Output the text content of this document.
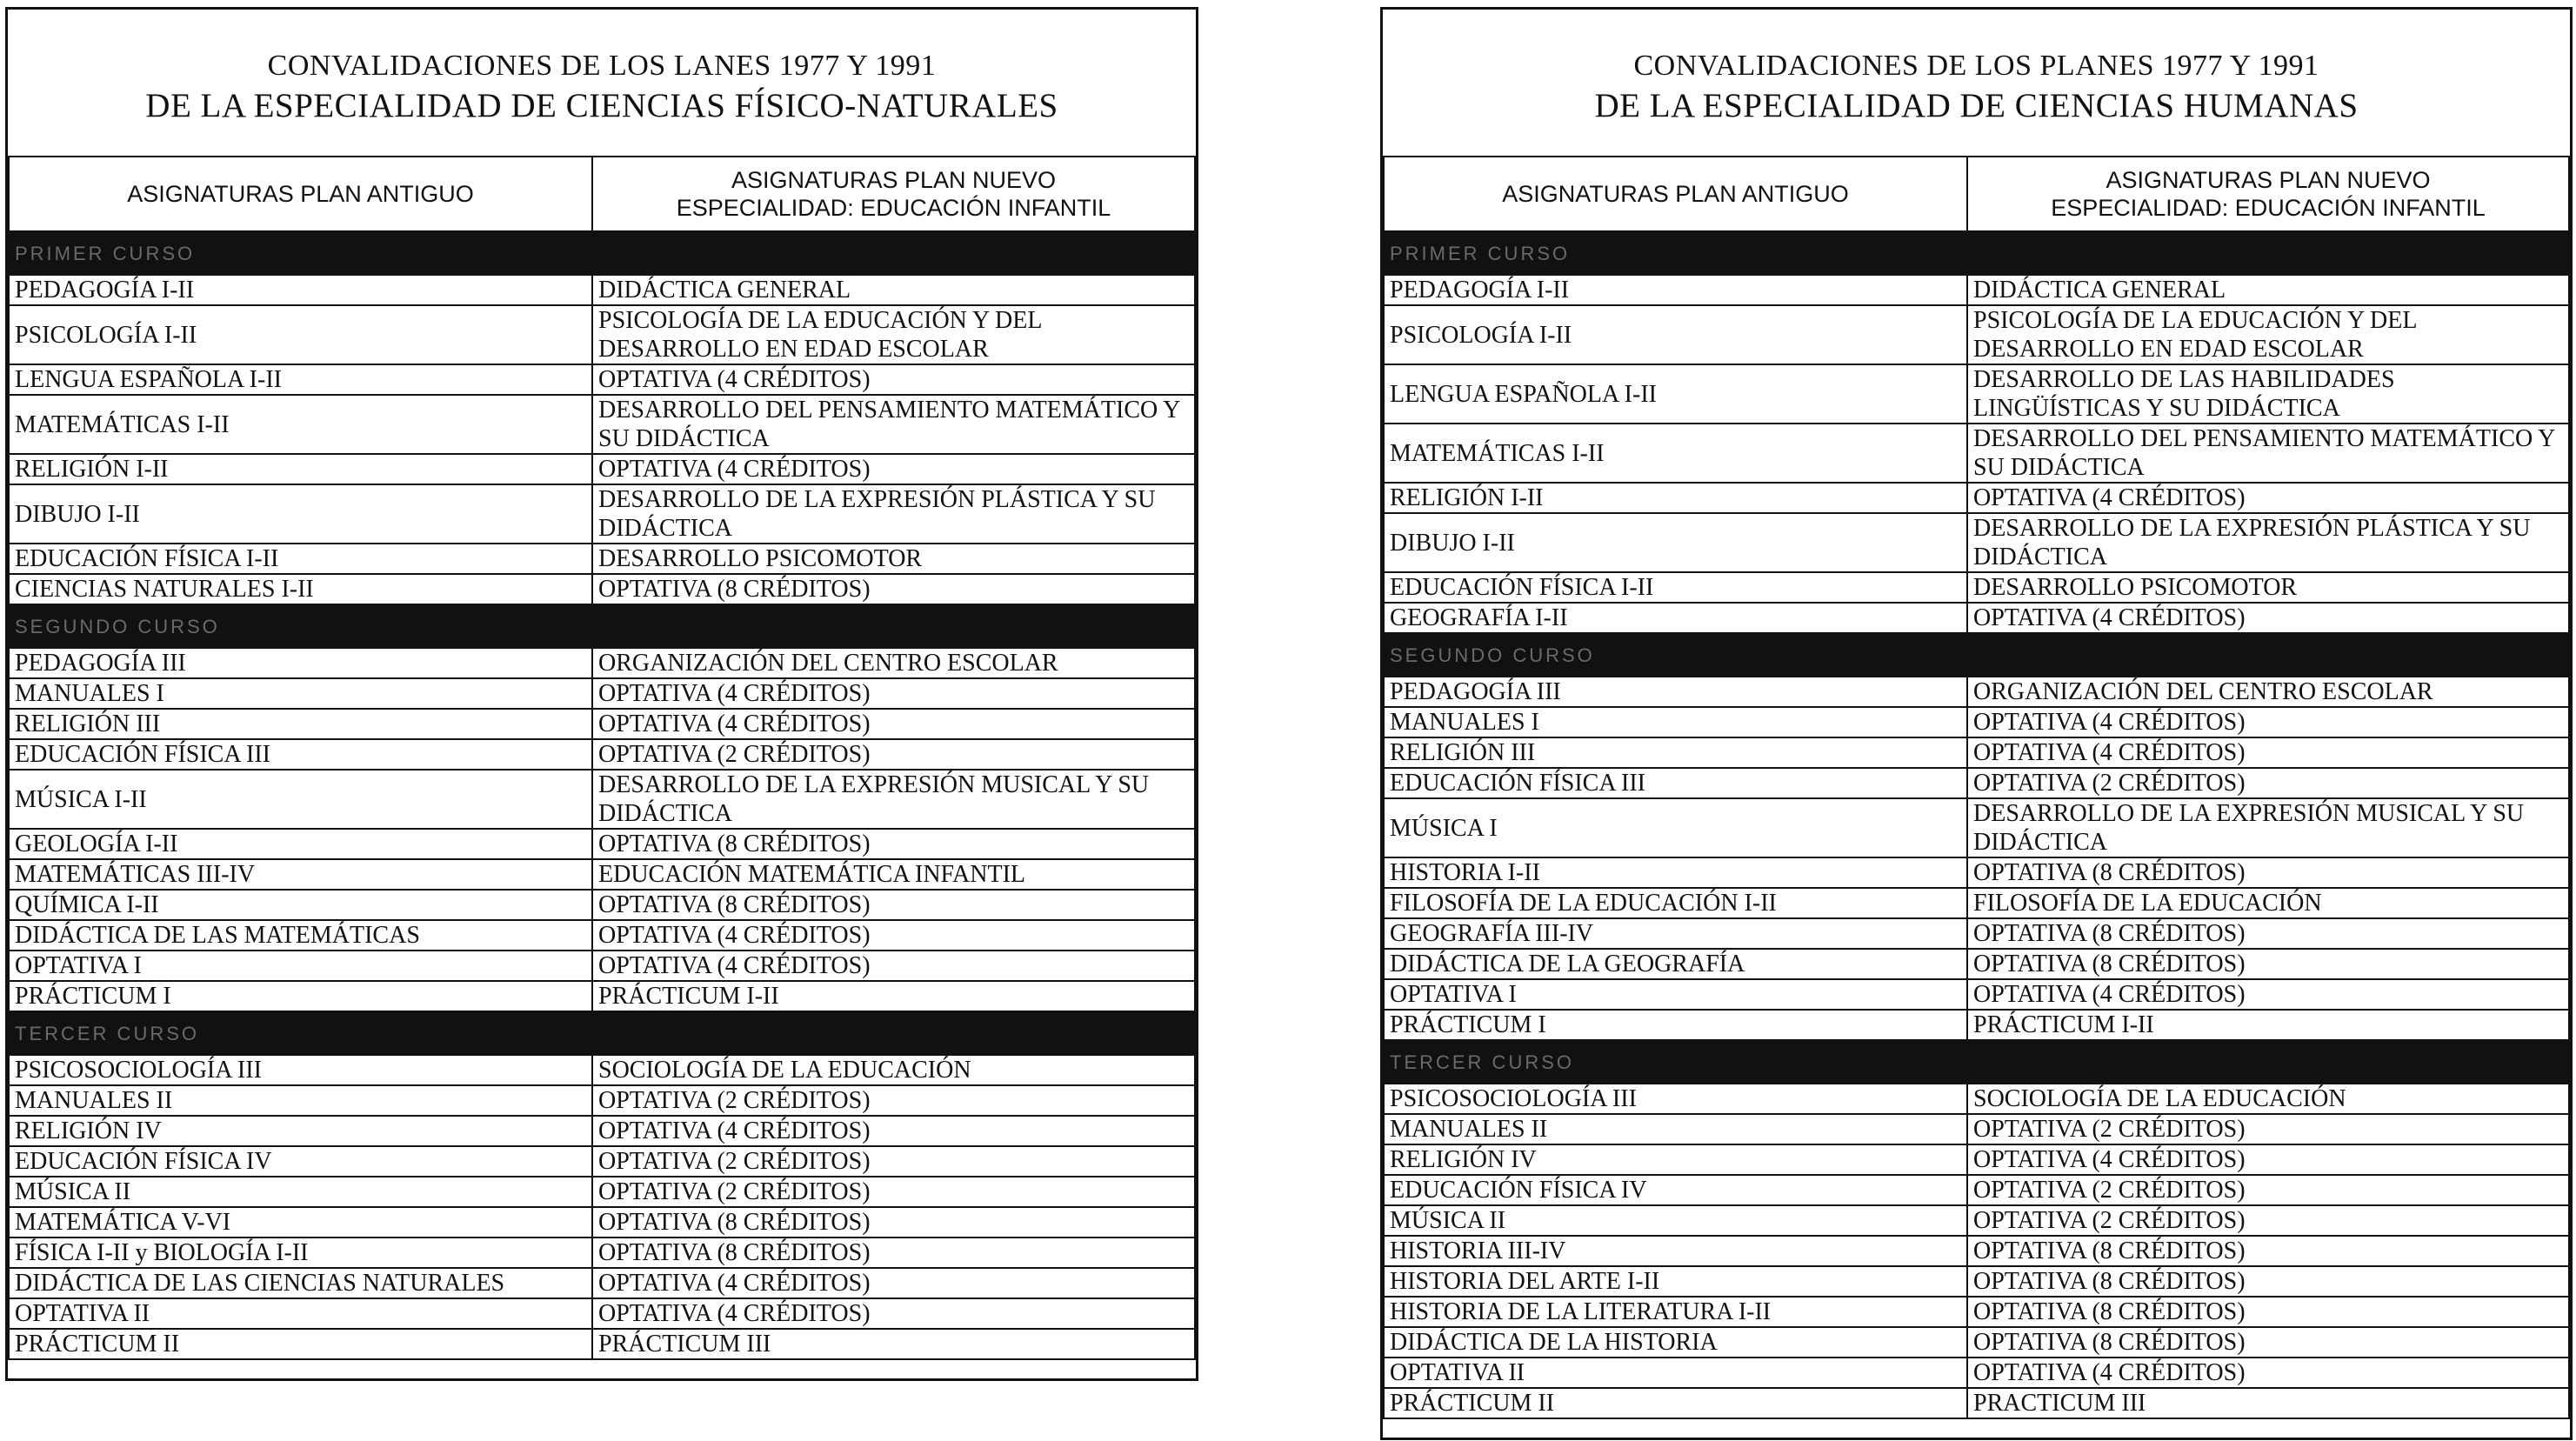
CONVALIDACIONES DE LOS LANES 1977 Y 1991
DE LA ESPECIALIDAD DE CIENCIAS FÍSICO-NATURALES
ASIGNATURAS PLAN ANTIGUO	ASIGNATURAS PLAN NUEVO
ESPECIALIDAD: EDUCACIÓN INFANTIL

PRIMER CURSO	
PEDAGOGÍA I-II	DIDÁCTICA GENERAL
PSICOLOGÍA I-II	PSICOLOGÍA DE LA EDUCACIÓN Y DEL DESARROLLO EN EDAD ESCOLAR
LENGUA ESPAÑOLA I-II	OPTATIVA (4 CRÉDITOS)
MATEMÁTICAS I-II	DESARROLLO DEL PENSAMIENTO MATEMÁTICO Y SU DIDÁCTICA
RELIGIÓN I-II	OPTATIVA (4 CRÉDITOS)
DIBUJO I-II	DESARROLLO DE LA EXPRESIÓN PLÁSTICA Y SU DIDÁCTICA
EDUCACIÓN FÍSICA I-II	DESARROLLO PSICOMOTOR
CIENCIAS NATURALES I-II	OPTATIVA (8 CRÉDITOS)
SEGUNDO CURSO	
PEDAGOGÍA III	ORGANIZACIÓN DEL CENTRO ESCOLAR
MANUALES I	OPTATIVA (4 CRÉDITOS)
RELIGIÓN III	OPTATIVA (4 CRÉDITOS)
EDUCACIÓN FÍSICA III	OPTATIVA (2 CRÉDITOS)
MÚSICA I-II	DESARROLLO DE LA EXPRESIÓN MUSICAL Y SU DIDÁCTICA
GEOLOGÍA I-II	OPTATIVA (8 CRÉDITOS)
MATEMÁTICAS III-IV	EDUCACIÓN MATEMÁTICA INFANTIL
QUÍMICA I-II	OPTATIVA (8 CRÉDITOS)
DIDÁCTICA DE LAS MATEMÁTICAS	OPTATIVA (4 CRÉDITOS)
OPTATIVA I	OPTATIVA (4 CRÉDITOS)
PRÁCTICUM I	PRÁCTICUM I-II
TERCER CURSO	
PSICOSOCIOLOGÍA III	SOCIOLOGÍA DE LA EDUCACIÓN
MANUALES II	OPTATIVA (2 CRÉDITOS)
RELIGIÓN IV	OPTATIVA (4 CRÉDITOS)
EDUCACIÓN FÍSICA IV	OPTATIVA (2 CRÉDITOS)
MÚSICA II	OPTATIVA (2 CRÉDITOS)
MATEMÁTICA V-VI	OPTATIVA (8 CRÉDITOS)
FÍSICA I-II y BIOLOGÍA I-II	OPTATIVA (8 CRÉDITOS)
DIDÁCTICA DE LAS CIENCIAS NATURALES	OPTATIVA (4 CRÉDITOS)
OPTATIVA II	OPTATIVA (4 CRÉDITOS)
PRÁCTICUM II	PRÁCTICUM III
CONVALIDACIONES DE LOS PLANES 1977 Y 1991
DE LA ESPECIALIDAD DE CIENCIAS HUMANAS
ASIGNATURAS PLAN ANTIGUO	ASIGNATURAS PLAN NUEVO
ESPECIALIDAD: EDUCACIÓN INFANTIL

PRIMER CURSO	
PEDAGOGÍA I-II	DIDÁCTICA GENERAL
PSICOLOGÍA I-II	PSICOLOGÍA DE LA EDUCACIÓN Y DEL DESARROLLO EN EDAD ESCOLAR
LENGUA ESPAÑOLA I-II	DESARROLLO DE LAS HABILIDADES LINGÜÍSTICAS Y SU DIDÁCTICA
MATEMÁTICAS I-II	DESARROLLO DEL PENSAMIENTO MATEMÁTICO Y SU DIDÁCTICA
RELIGIÓN I-II	OPTATIVA (4 CRÉDITOS)
DIBUJO I-II	DESARROLLO DE LA EXPRESIÓN PLÁSTICA Y SU DIDÁCTICA
EDUCACIÓN FÍSICA I-II	DESARROLLO PSICOMOTOR
GEOGRAFÍA I-II	OPTATIVA (4 CRÉDITOS)
SEGUNDO CURSO	
PEDAGOGÍA III	ORGANIZACIÓN DEL CENTRO ESCOLAR
MANUALES I	OPTATIVA (4 CRÉDITOS)
RELIGIÓN III	OPTATIVA (4 CRÉDITOS)
EDUCACIÓN FÍSICA III	OPTATIVA (2 CRÉDITOS)
MÚSICA I	DESARROLLO DE LA EXPRESIÓN MUSICAL Y SU DIDÁCTICA
HISTORIA I-II	OPTATIVA (8 CRÉDITOS)
FILOSOFÍA DE LA EDUCACIÓN I-II	FILOSOFÍA DE LA EDUCACIÓN
GEOGRAFÍA III-IV	OPTATIVA (8 CRÉDITOS)
DIDÁCTICA DE LA GEOGRAFÍA	OPTATIVA (8 CRÉDITOS)
OPTATIVA I	OPTATIVA (4 CRÉDITOS)
PRÁCTICUM I	PRÁCTICUM I-II
TERCER CURSO	
PSICOSOCIOLOGÍA III	SOCIOLOGÍA DE LA EDUCACIÓN
MANUALES II	OPTATIVA (2 CRÉDITOS)
RELIGIÓN IV	OPTATIVA (4 CRÉDITOS)
EDUCACIÓN FÍSICA IV	OPTATIVA (2 CRÉDITOS)
MÚSICA II	OPTATIVA (2 CRÉDITOS)
HISTORIA III-IV	OPTATIVA (8 CRÉDITOS)
HISTORIA DEL ARTE I-II	OPTATIVA (8 CRÉDITOS)
HISTORIA DE LA LITERATURA I-II	OPTATIVA (8 CRÉDITOS)
DIDÁCTICA DE LA HISTORIA	OPTATIVA (8 CRÉDITOS)
OPTATIVA II	OPTATIVA (4 CRÉDITOS)
PRÁCTICUM II	PRACTICUM III
